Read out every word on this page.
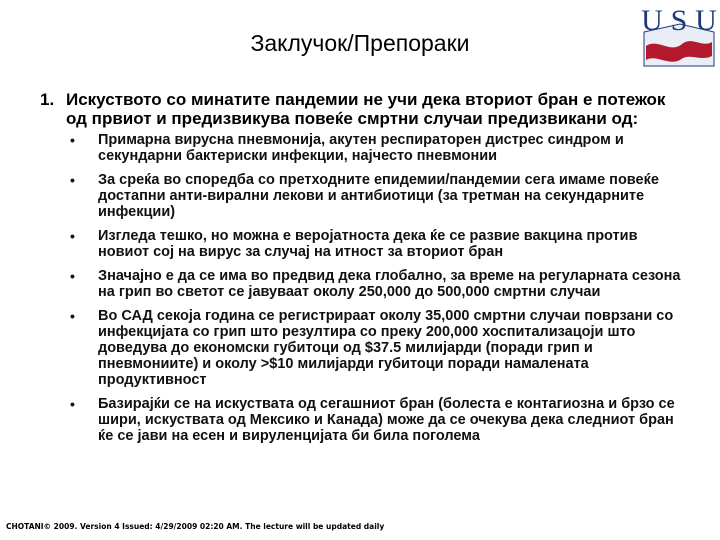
Заклучок/Препораки
U S U
1. Искуството со минатите пандемии не учи дека вториот бран е потежок од првиот и предизвикува повеќе смртни случаи предизвикани од:
•	Примарна вирусна пневмонија, акутен респираторен дистрес синдром и секундарни бактериски инфекции, најчесто пневмонии
•	За среќа во споредба со претходните епидемии/пандемии сега имаме повеќе достапни анти-вирални лекови и антибиотици (за третман на секундарните инфекции)
•	Изгледа тешко, но можна е веројатноста дека ќе се развие вакцина против новиот сој на вирус за случај на итност за вториот бран
•	Значајно е да се има во предвид дека глобално, за време на регуларната сезона на грип во светот се јавуваат околу 250,000 до 500,000 смртни случаи
•	Во САД секоја година се регистрираат околу 35,000 смртни случаи поврзани со инфекцијата со грип што резултира со преку 200,000 хоспитализацоји што доведува до економски губитоци од $37.5 милијарди (поради грип и пневмониите) и околу >$10 милијарди губитоци поради намалената продуктивност
•	Базирајќи се на искуствата од сегашниот бран (болеста е контагиозна и брзо се шири, искуствата од Мексико и Канада) може да се очекува дека следниот бран ќе се јави на есен и вируленцијата би била поголема
CHOTANI© 2009. Version 4 Issued: 4/29/2009 02:20 AM. The lecture will be updated daily
